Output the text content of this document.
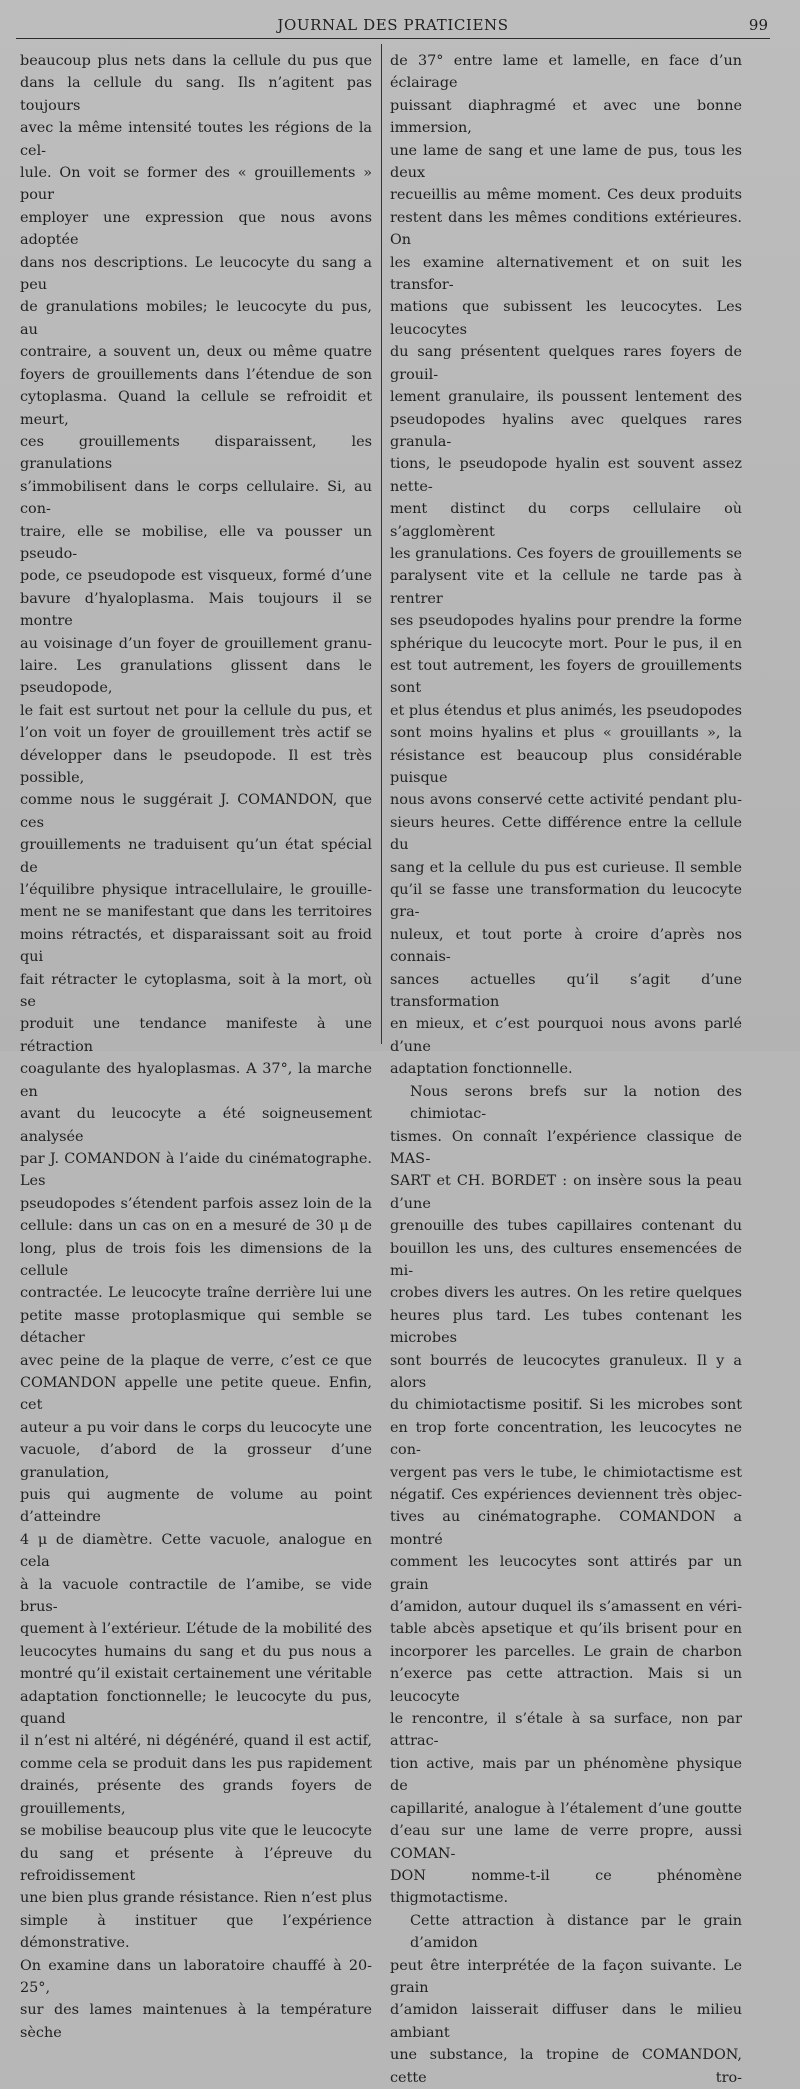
JOURNAL DES PRATICIENS	99
beaucoup plus nets dans la cellule du pus que
dans la cellule du sang. Ils n’agitent pas toujours
avec la même intensité toutes les régions de la cel-
lule. On voit se former des « grouillements » pour
employer une expression que nous avons adoptée
dans nos descriptions. Le leucocyte du sang a peu
de granulations mobiles; le leucocyte du pus, au
contraire, a souvent un, deux ou même quatre
foyers de grouillements dans l’étendue de son
cytoplasma. Quand la cellule se refroidit et meurt,
ces grouillements disparaissent, les granulations
s’immobilisent dans le corps cellulaire. Si, au con-
traire, elle se mobilise, elle va pousser un pseudo-
pode, ce pseudopode est visqueux, formé d’une
bavure d’hyaloplasma. Mais toujours il se montre
au voisinage d’un foyer de grouillement granu-
laire. Les granulations glissent dans le pseudopode,
le fait est surtout net pour la cellule du pus, et
l’on voit un foyer de grouillement très actif se
développer dans le pseudopode. Il est très possible,
comme nous le suggérait J. COMANDON, que ces
grouillements ne traduisent qu’un état spécial de
l’équilibre physique intracellulaire, le grouille-
ment ne se manifestant que dans les territoires
moins rétractés, et disparaissant soit au froid qui
fait rétracter le cytoplasma, soit à la mort, où se
produit une tendance manifeste à une rétraction
coagulante des hyaloplasmas. A 37°, la marche en
avant du leucocyte a été soigneusement analysée
par J. COMANDON à l’aide du cinématographe. Les
pseudopodes s’étendent parfois assez loin de la
cellule: dans un cas on en a mesuré de 30 μ de
long, plus de trois fois les dimensions de la cellule
contractée. Le leucocyte traîne derrière lui une
petite masse protoplasmique qui semble se détacher
avec peine de la plaque de verre, c’est ce que
COMANDON appelle une petite queue. Enfin, cet
auteur a pu voir dans le corps du leucocyte une
vacuole, d’abord de la grosseur d’une granulation,
puis qui augmente de volume au point d’atteindre
4 μ de diamètre. Cette vacuole, analogue en cela
à la vacuole contractile de l’amibe, se vide brus-
quement à l’extérieur. L’étude de la mobilité des
leucocytes humains du sang et du pus nous a
montré qu’il existait certainement une véritable
adaptation fonctionnelle; le leucocyte du pus, quand
il n’est ni altéré, ni dégénéré, quand il est actif,
comme cela se produit dans les pus rapidement
drainés, présente des grands foyers de grouillements,
se mobilise beaucoup plus vite que le leucocyte
du sang et présente à l’épreuve du refroidissement
une bien plus grande résistance. Rien n’est plus
simple à instituer que l’expérience démonstrative.
On examine dans un laboratoire chauffé à 20-25°,
sur des lames maintenues à la température sèche
de 37° entre lame et lamelle, en face d’un éclairage
puissant diaphragmé et avec une bonne immersion,
une lame de sang et une lame de pus, tous les deux
recueillis au même moment. Ces deux produits
restent dans les mêmes conditions extérieures. On
les examine alternativement et on suit les transfor-
mations que subissent les leucocytes. Les leucocytes
du sang présentent quelques rares foyers de grouil-
lement granulaire, ils poussent lentement des
pseudopodes hyalins avec quelques rares granula-
tions, le pseudopode hyalin est souvent assez nette-
ment distinct du corps cellulaire où s’agglomèrent
les granulations. Ces foyers de grouillements se
paralysent vite et la cellule ne tarde pas à rentrer
ses pseudopodes hyalins pour prendre la forme
sphérique du leucocyte mort. Pour le pus, il en
est tout autrement, les foyers de grouillements sont
et plus étendus et plus animés, les pseudopodes
sont moins hyalins et plus « grouillants », la
résistance est beaucoup plus considérable puisque
nous avons conservé cette activité pendant plu-
sieurs heures. Cette différence entre la cellule du
sang et la cellule du pus est curieuse. Il semble
qu’il se fasse une transformation du leucocyte gra-
nuleux, et tout porte à croire d’après nos connais-
sances actuelles qu’il s’agit d’une transformation
en mieux, et c’est pourquoi nous avons parlé d’une
adaptation fonctionnelle.
Nous serons brefs sur la notion des chimiotac-
tismes. On connaît l’expérience classique de MAS-
SART et CH. BORDET : on insère sous la peau d’une
grenouille des tubes capillaires contenant du
bouillon les uns, des cultures ensemencées de mi-
crobes divers les autres. On les retire quelques
heures plus tard. Les tubes contenant les microbes
sont bourrés de leucocytes granuleux. Il y a alors
du chimiotactisme positif. Si les microbes sont
en trop forte concentration, les leucocytes ne con-
vergent pas vers le tube, le chimiotactisme est
négatif. Ces expériences deviennent très objec-
tives au cinématographe. COMANDON a montré
comment les leucocytes sont attirés par un grain
d’amidon, autour duquel ils s’amassent en véri-
table abcès apsetique et qu’ils brisent pour en
incorporer les parcelles. Le grain de charbon
n’exerce pas cette attraction. Mais si un leucocyte
le rencontre, il s’étale à sa surface, non par attrac-
tion active, mais par un phénomène physique de
capillarité, analogue à l’étalement d’une goutte
d’eau sur une lame de verre propre, aussi COMAN-
DON nomme-t-il ce phénomène thigmotactisme.
Cette attraction à distance par le grain d’amidon
peut être interprétée de la façon suivante. Le grain
d’amidon laisserait diffuser dans le milieu ambiant
une substance, la tropine de COMANDON, cette tro-
